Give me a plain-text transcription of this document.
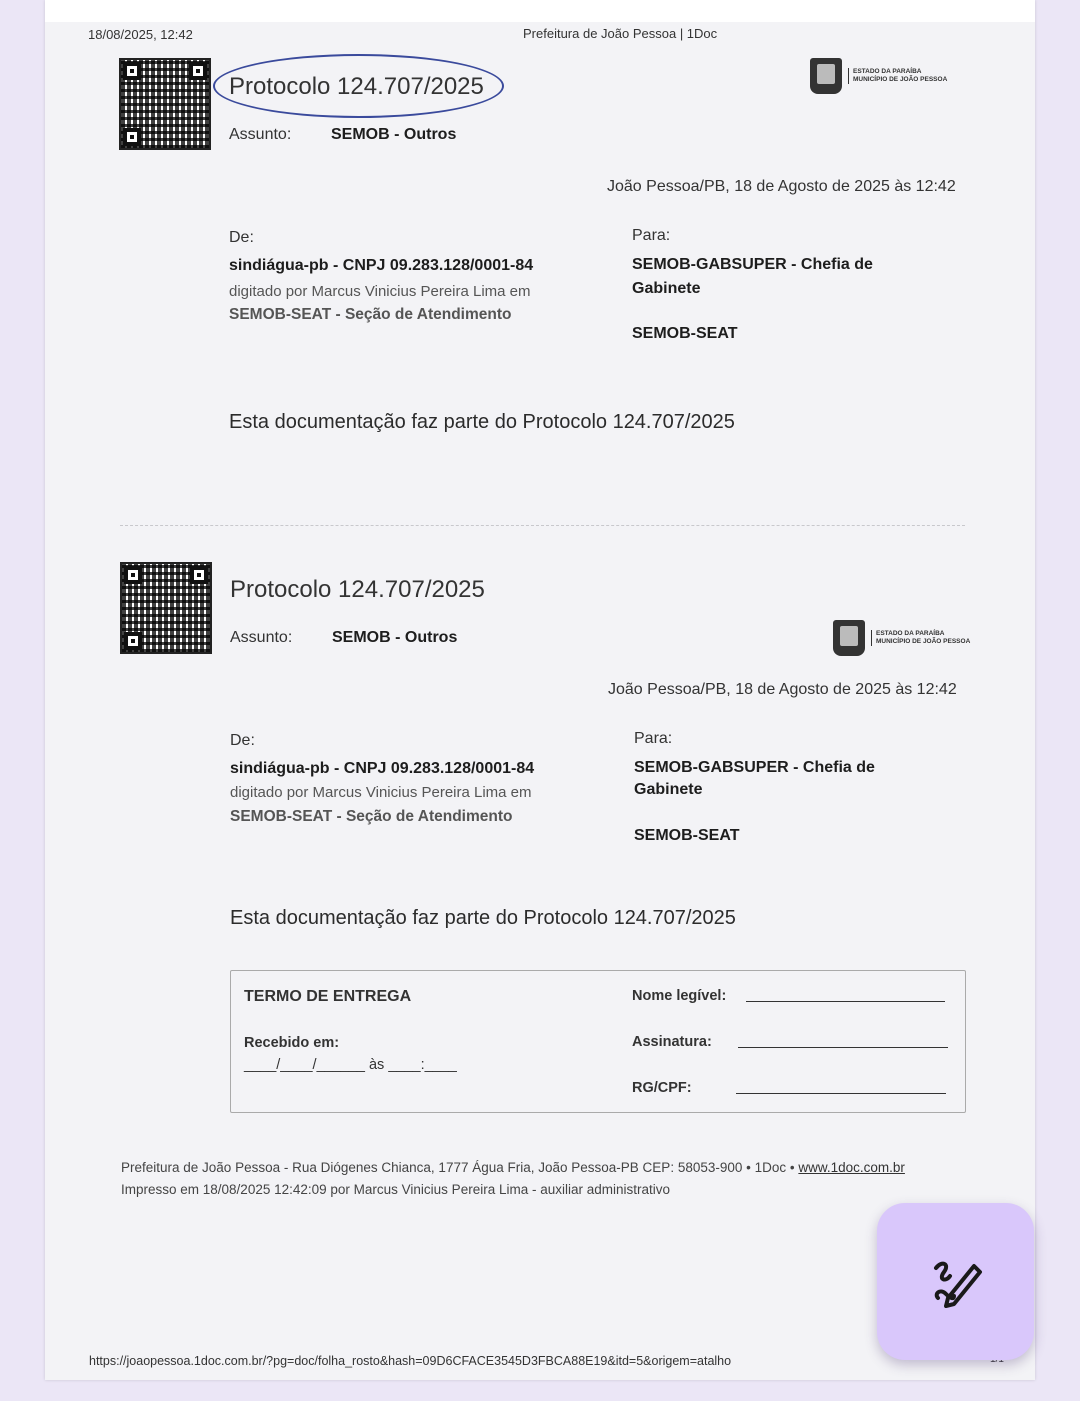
18/08/2025, 12:42	Prefeitura de João Pessoa | 1Doc

Protocolo 124.707/2025

Assunto: SEMOB - Outros

ESTADO DA PARAÍBA
MUNICÍPIO DE JOÃO PESSOA

João Pessoa/PB, 18 de Agosto de 2025 às 12:42

De:

sindiágua-pb - CNPJ 09.283.128/0001-84

digitado por Marcus Vinicius Pereira Lima em

SEMOB-SEAT - Seção de Atendimento

Para:

SEMOB-GABSUPER - Chefia de

Gabinete

SEMOB-SEAT

Esta documentação faz parte do Protocolo 124.707/2025

Protocolo 124.707/2025

Assunto: SEMOB - Outros	ESTADO DA PARAÍBA
MUNICÍPIO DE JOÃO PESSOA

João Pessoa/PB, 18 de Agosto de 2025 às 12:42

De:

sindiágua-pb - CNPJ 09.283.128/0001-84

digitado por Marcus Vinicius Pereira Lima em

SEMOB-SEAT - Seção de Atendimento

Para:

SEMOB-GABSUPER - Chefia de

Gabinete

SEMOB-SEAT

Esta documentação faz parte do Protocolo 124.707/2025

TERMO DE ENTREGA

Recebido em:

____/____/______ às ____:____

Nome legível:

Assinatura:

RG/CPF:

Prefeitura de João Pessoa - Rua Diógenes Chianca, 1777 Água Fria, João Pessoa-PB CEP: 58053-900 • 1Doc • www.1doc.com.br

Impresso em 18/08/2025 12:42:09 por Marcus Vinicius Pereira Lima - auxiliar administrativo

https://joaopessoa.1doc.com.br/?pg=doc/folha_rosto&hash=09D6CFACE3545D3FBCA88E19&itd=5&origem=atalho
